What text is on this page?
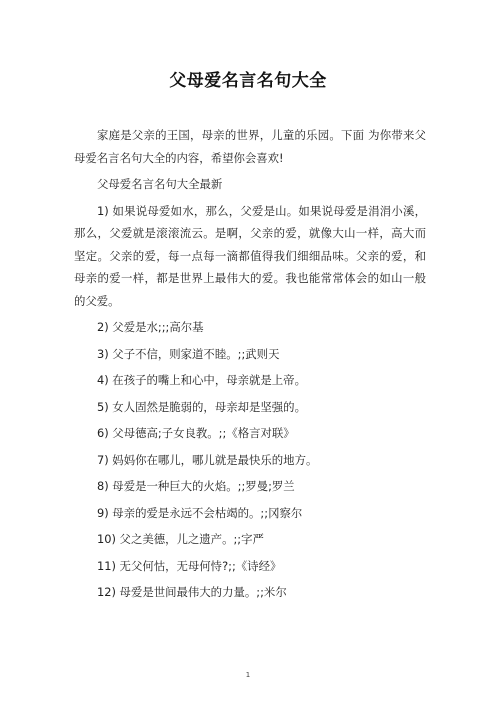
父母爱名言名句大全

家庭是父亲的王国，母亲的世界，儿童的乐园。下面 为你带来父母爱名言名句大全的内容，希望你会喜欢!

父母爱名言名句大全最新

1) 如果说母爱如水，那么，父爱是山。如果说母爱是涓涓小溪，那么，父爱就是滚滚流云。是啊，父亲的爱，就像大山一样，高大而坚定。父亲的爱，每一点每一滴都值得我们细细品味。父亲的爱，和母亲的爱一样，都是世界上最伟大的爱。我也能常常体会的如山一般的父爱。

2) 父爱是水;;;高尔基

3) 父子不信，则家道不睦。;;武则天

4) 在孩子的嘴上和心中，母亲就是上帝。

5) 女人固然是脆弱的，母亲却是坚强的。

6) 父母德高;子女良教。;;《格言对联》

7) 妈妈你在哪儿，哪儿就是最快乐的地方。

8) 母爱是一种巨大的火焰。;;罗曼;罗兰

9) 母亲的爱是永远不会枯竭的。;;冈察尔

10) 父之美德，儿之遗产。;;字严

11) 无父何怙，无母何恃?;;《诗经》

12) 母爱是世间最伟大的力量。;;米尔

1
